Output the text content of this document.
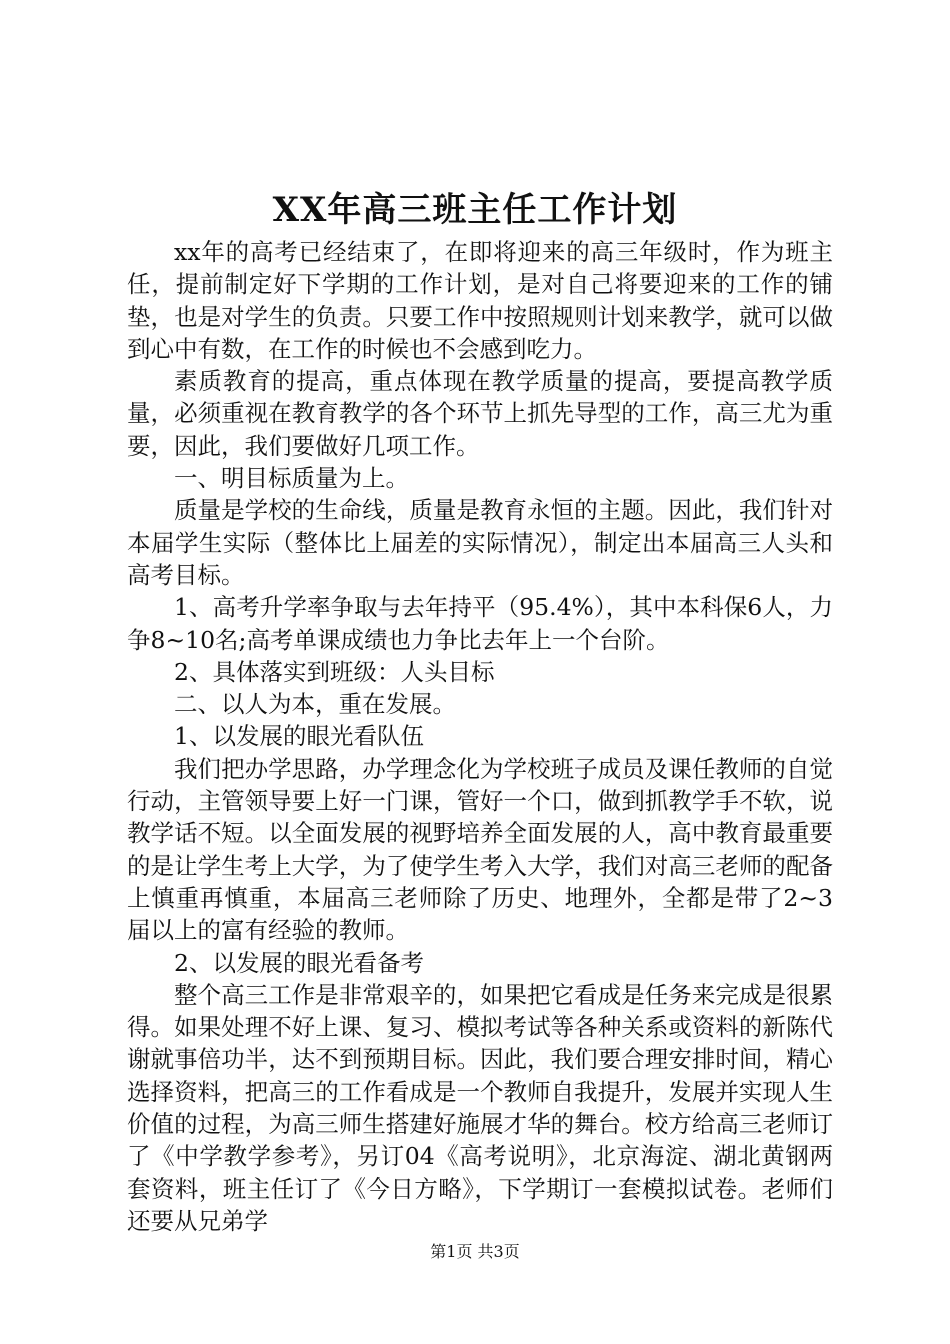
XX年高三班主任工作计划

xx年的高考已经结束了，在即将迎来的高三年级时，作为班主任，提前制定好下学期的工作计划，是对自己将要迎来的工作的铺垫，也是对学生的负责。只要工作中按照规则计划来教学，就可以做到心中有数，在工作的时候也不会感到吃力。

素质教育的提高，重点体现在教学质量的提高，要提高教学质量，必须重视在教育教学的各个环节上抓先导型的工作，高三尤为重要，因此，我们要做好几项工作。

一、明目标质量为上。

质量是学校的生命线，质量是教育永恒的主题。因此，我们针对本届学生实际（整体比上届差的实际情况），制定出本届高三人头和高考目标。

1、高考升学率争取与去年持平（95.4%），其中本科保6人，力争8~10名;高考单课成绩也力争比去年上一个台阶。

2、具体落实到班级：人头目标

二、以人为本，重在发展。

1、以发展的眼光看队伍

我们把办学思路，办学理念化为学校班子成员及课任教师的自觉行动，主管领导要上好一门课，管好一个口，做到抓教学手不软，说教学话不短。以全面发展的视野培养全面发展的人，高中教育最重要的是让学生考上大学，为了使学生考入大学，我们对高三老师的配备上慎重再慎重，本届高三老师除了历史、地理外，全都是带了2~3届以上的富有经验的教师。

2、以发展的眼光看备考

整个高三工作是非常艰辛的，如果把它看成是任务来完成是很累得。如果处理不好上课、复习、模拟考试等各种关系或资料的新陈代谢就事倍功半，达不到预期目标。因此，我们要合理安排时间，精心选择资料，把高三的工作看成是一个教师自我提升，发展并实现人生价值的过程，为高三师生搭建好施展才华的舞台。校方给高三老师订了《中学教学参考》，另订04《高考说明》，北京海淀、湖北黄钢两套资料，班主任订了《今日方略》，下学期订一套模拟试卷。老师们还要从兄弟学

第1页 共3页
